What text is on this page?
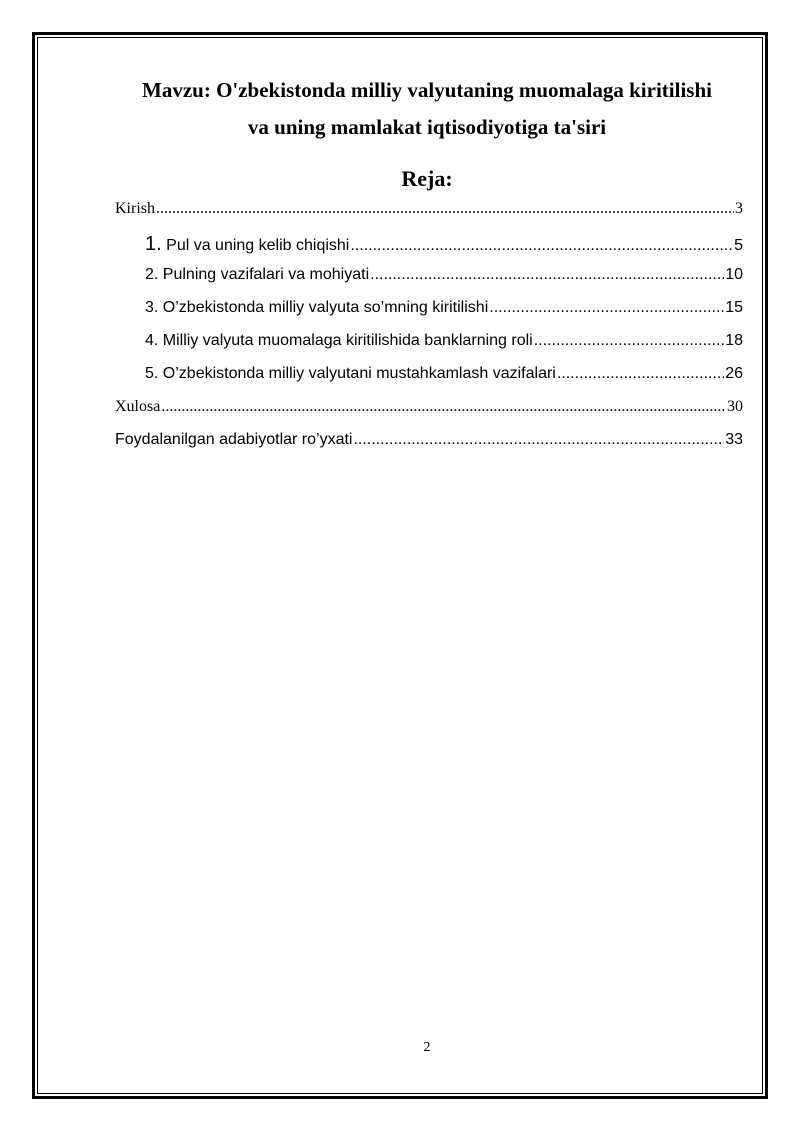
Mavzu: O'zbekistonda milliy valyutaning muomalaga kiritilishi
va uning mamlakat iqtisodiyotiga ta'siri
Reja:
Kirish .....	3
1. Pul va uning kelib chiqishi .....	5
2. Pulning vazifalari va mohiyati .....	10
3. O’zbekistonda milliy valyuta so’mning kiritilishi .....	15
4. Milliy valyuta muomalaga kiritilishida banklarning roli .....	18
5. O’zbekistonda milliy valyutani mustahkamlash vazifalari .....	26
Xulosa .....	30
Foydalanilgan adabiyotlar ro’yxati .....	33
2
